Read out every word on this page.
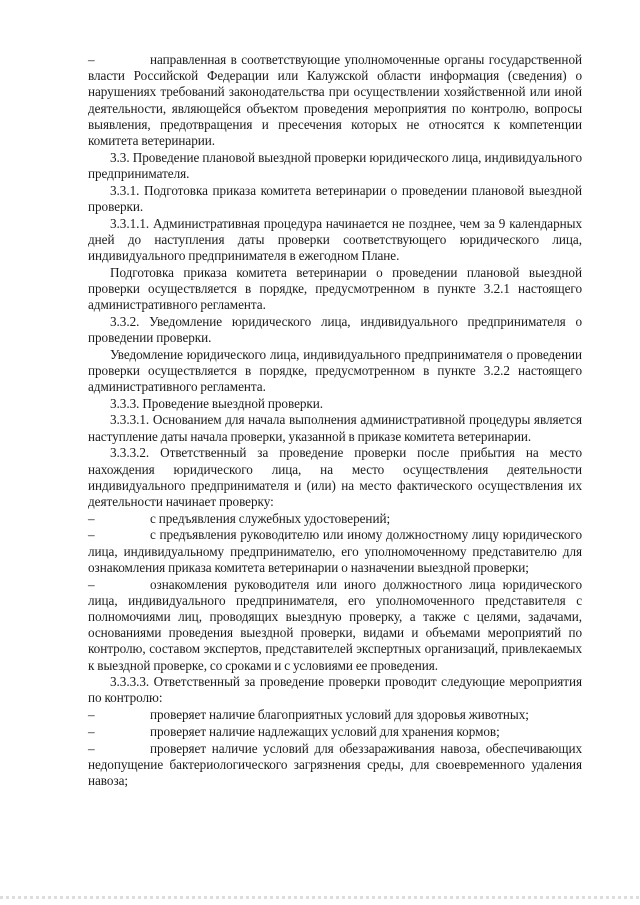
–	направленная в соответствующие уполномоченные органы государственной власти Российской Федерации или Калужской области информация (сведения) о нарушениях требований законодательства при осуществлении хозяйственной или иной деятельности, являющейся объектом проведения мероприятия по контролю, вопросы выявления, предотвращения и пресечения которых не относятся к компетенции комитета ветеринарии.

3.3. Проведение плановой выездной проверки юридического лица, индивидуального предпринимателя.

3.3.1. Подготовка приказа комитета ветеринарии о проведении плановой выездной проверки.

3.3.1.1. Административная процедура начинается не позднее, чем за 9 календарных дней до наступления даты проверки соответствующего юридического лица, индивидуального предпринимателя в ежегодном Плане.

Подготовка приказа комитета ветеринарии о проведении плановой выездной проверки осуществляется в порядке, предусмотренном в пункте 3.2.1 настоящего административного регламента.

3.3.2. Уведомление юридического лица, индивидуального предпринимателя о проведении проверки.

Уведомление юридического лица, индивидуального предпринимателя о проведении проверки осуществляется в порядке, предусмотренном в пункте 3.2.2 настоящего административного регламента.

3.3.3. Проведение выездной проверки.

3.3.3.1. Основанием для начала выполнения административной процедуры является наступление даты начала проверки, указанной в приказе комитета ветеринарии.

3.3.3.2. Ответственный за проведение проверки после прибытия на место нахождения юридического лица, на место осуществления деятельности индивидуального предпринимателя и (или) на место фактического осуществления их деятельности начинает проверку:

–	с предъявления служебных удостоверений;

–	с предъявления руководителю или иному должностному лицу юридического лица, индивидуальному предпринимателю, его уполномоченному представителю для ознакомления приказа комитета ветеринарии о назначении выездной проверки;

–	ознакомления руководителя или иного должностного лица юридического лица, индивидуального предпринимателя, его уполномоченного представителя с полномочиями лиц, проводящих выездную проверку, а также с целями, задачами, основаниями проведения выездной проверки, видами и объемами мероприятий по контролю, составом экспертов, представителей экспертных организаций, привлекаемых к выездной проверке, со сроками и с условиями ее проведения.

3.3.3.3. Ответственный за проведение проверки проводит следующие мероприятия по контролю:

–	проверяет наличие благоприятных условий для здоровья животных;

–	проверяет наличие надлежащих условий для хранения кормов;

–	проверяет наличие условий для обеззараживания навоза, обеспечивающих недопущение бактериологического загрязнения среды, для своевременного удаления навоза;
